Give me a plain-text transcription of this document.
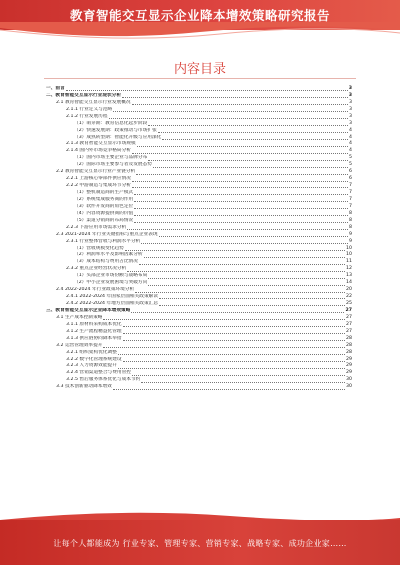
教育智能交互显示企业降本增效策略研究报告
内容目录
一、前言	3
二、教育智能交互显示行业现状分析	3
2.1 教育智能交互显示行业发展概况	3
2.1.1 行业定义与范畴	3
2.1.2 行业发展历程	3
（1）萌芽期：教育信息化起步阶段	3
（2）快速发展期：政策推动与市场扩张	4
（3）成熟转型期：智能化升级与应用深化	4
2.1.3 教育智能交互显示市场规模	4
2.1.4 国内外市场竞争格局分析	4
（1）国内市场主要企业与品牌分布	5
（2）国际市场主要参与者及发展态势	5
2.2 教育智能交互显示行业产业链分析	6
2.2.1 上游核心零部件供应情况	6
2.2.2 中游制造与集成环节分析	7
（1）整机制造商的生产模式	7
（2）系统集成服务商的作用	7
（3）软件开发商的角色定位	7
（4）内容资源提供商的价值	8
（5）渠道分销商的布局情况	8
2.2.3 下游应用市场需求分析	8
2.3 2021-2024 年行业关键指标与重点企业表现	9
2.3.1 行业整体营收与利润水平分析	9
（1）营收规模变化趋势	10
（2）利润率水平及影响因素分析	10
（3）成本结构与费用占比情况	11
2.3.2 重点企业经营状况分析	12
（1）头部企业市场份额与战略布局	13
（2）中小企业发展困境与突破方向	14
2.4 2022-2024 年行业政策环境分析	20
2.4.1 2022-2024 年国家层面相关政策解读	22
2.4.2 2022-2024 年地方层面相关政策汇总	25
三、教育智能交互显示企业降本增效策略	27
3.1 生产成本控制策略	27
3.1.1 原材料采购成本优化	27
3.1.2 生产流程精益化管理	27
3.1.3 供应链协同降本举措	28
3.2 运营管理效率提升	28
3.2.1 组织架构优化调整	28
3.2.2 数字化管理系统建设	29
3.2.3 人力资源效能提升	29
3.2.4 营销渠道整合与费用管控	29
3.2.5 售后服务体系优化与成本节约	30
3.3 技术创新驱动降本增效	30
让每个人都能成为 行业专家、管理专家、营销专家、战略专家、成功企业家……
